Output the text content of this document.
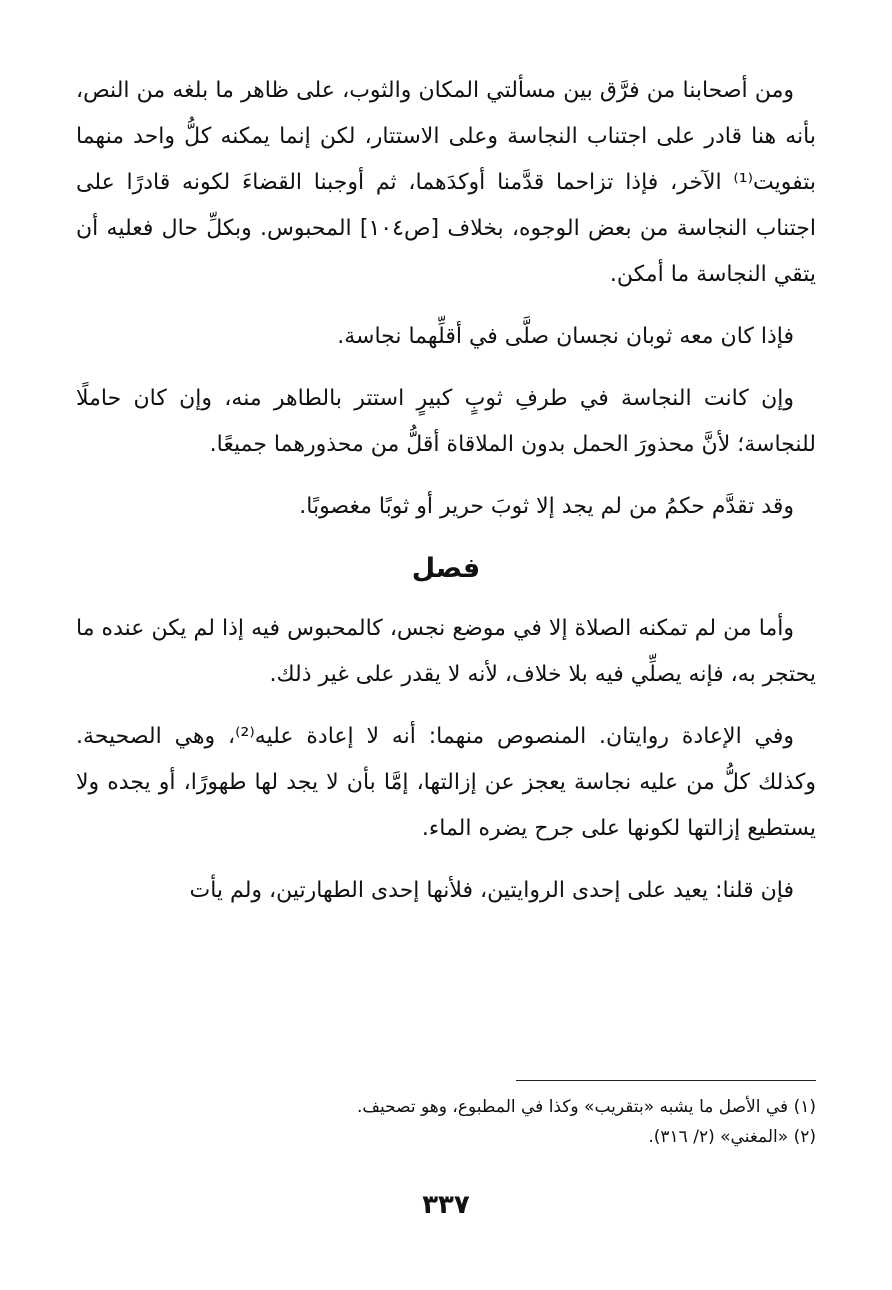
ومن أصحابنا من فرَّق بين مسألتي المكان والثوب، على ظاهر ما بلغه من النص، بأنه هنا قادر على اجتناب النجاسة وعلى الاستتار، لكن إنما يمكنه كلُّ واحد منهما بتفويت⁽¹⁾ الآخر، فإذا تزاحما قدَّمنا أوكدَهما، ثم أوجبنا القضاءَ لكونه قادرًا على اجتناب النجاسة من بعض الوجوه، بخلاف [ص١٠٤] المحبوس. وبكلِّ حال فعليه أن يتقي النجاسة ما أمكن.

فإذا كان معه ثوبان نجسان صلَّى في أقلِّهما نجاسة.

وإن كانت النجاسة في طرفِ ثوبٍ كبيرٍ استتر بالطاهر منه، وإن كان حاملًا للنجاسة؛ لأنَّ محذورَ الحمل بدون الملاقاة أقلُّ من محذورهما جميعًا.

وقد تقدَّم حكمُ من لم يجد إلا ثوبَ حرير أو ثوبًا مغصوبًا.

فصل

وأما من لم تمكنه الصلاة إلا في موضع نجس، كالمحبوس فيه إذا لم يكن عنده ما يحتجر به، فإنه يصلِّي فيه بلا خلاف، لأنه لا يقدر على غير ذلك.

وفي الإعادة روايتان. المنصوص منهما: أنه لا إعادة عليه⁽²⁾، وهي الصحيحة. وكذلك كلُّ من عليه نجاسة يعجز عن إزالتها، إمَّا بأن لا يجد لها طهورًا، أو يجده ولا يستطيع إزالتها لكونها على جرح يضره الماء.

فإن قلنا: يعيد على إحدى الروايتين، فلأنها إحدى الطهارتين، ولم يأت

(١) في الأصل ما يشبه «بتقريب» وكذا في المطبوع، وهو تصحيف.

(٢) «المغني» (٢/ ٣١٦).

٣٣٧
